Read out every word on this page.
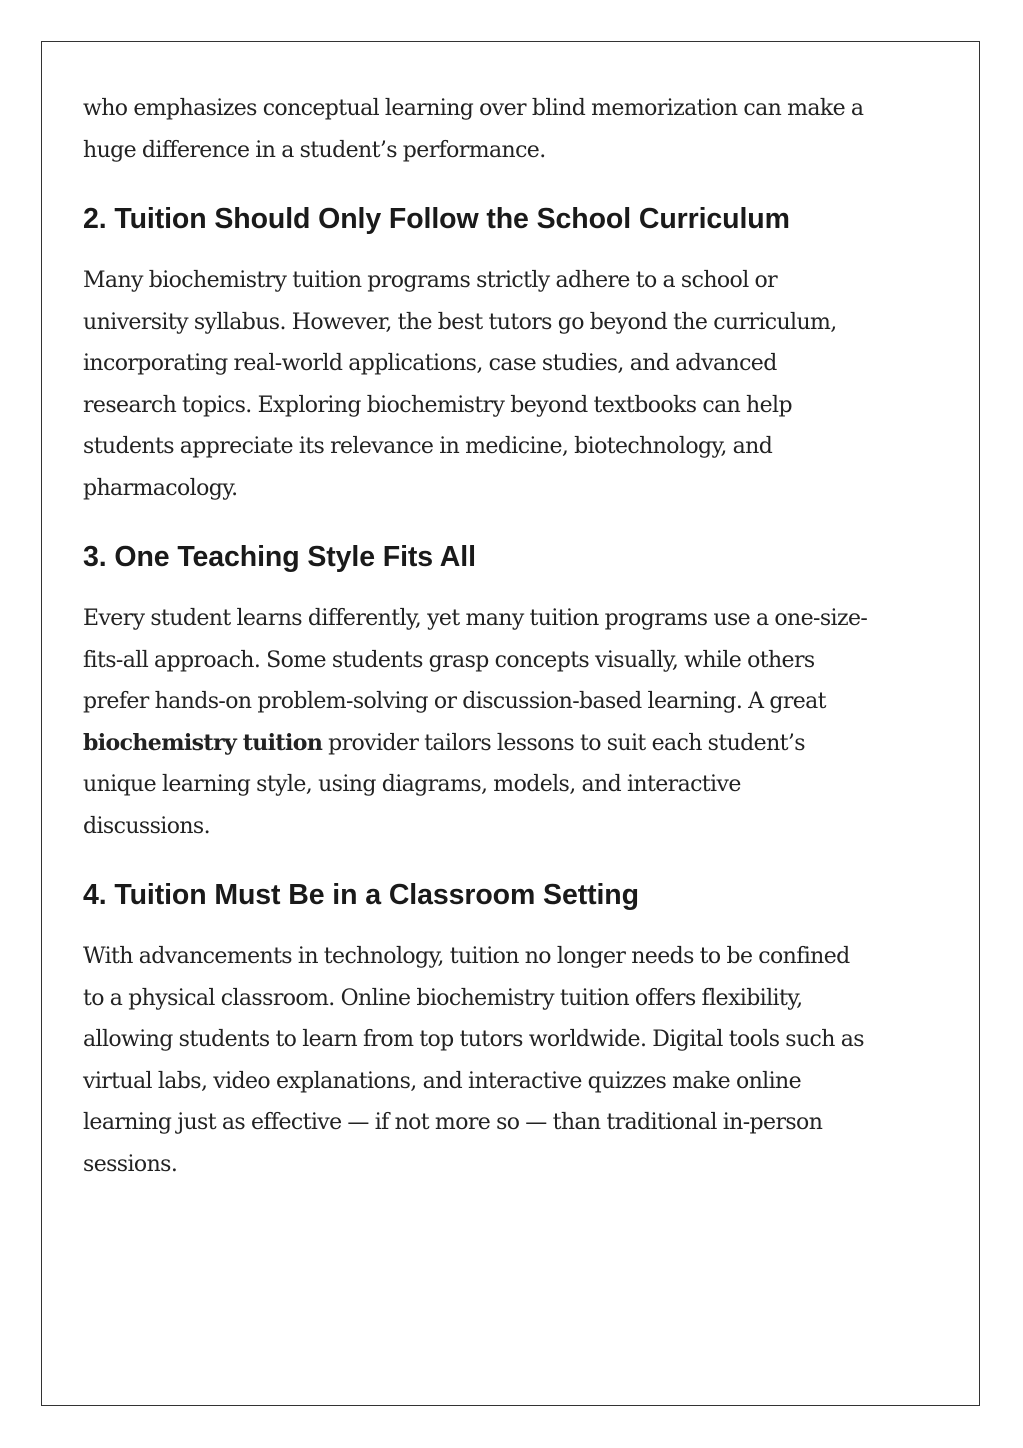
who emphasizes conceptual learning over blind memorization can make a huge difference in a student’s performance.

2. Tuition Should Only Follow the School Curriculum

Many biochemistry tuition programs strictly adhere to a school or university syllabus. However, the best tutors go beyond the curriculum, incorporating real-world applications, case studies, and advanced research topics. Exploring biochemistry beyond textbooks can help students appreciate its relevance in medicine, biotechnology, and pharmacology.

3. One Teaching Style Fits All

Every student learns differently, yet many tuition programs use a one-size-fits-all approach. Some students grasp concepts visually, while others prefer hands-on problem-solving or discussion-based learning. A great biochemistry tuition provider tailors lessons to suit each student’s unique learning style, using diagrams, models, and interactive discussions.

4. Tuition Must Be in a Classroom Setting

With advancements in technology, tuition no longer needs to be confined to a physical classroom. Online biochemistry tuition offers flexibility, allowing students to learn from top tutors worldwide. Digital tools such as virtual labs, video explanations, and interactive quizzes make online learning just as effective — if not more so — than traditional in-person sessions.
